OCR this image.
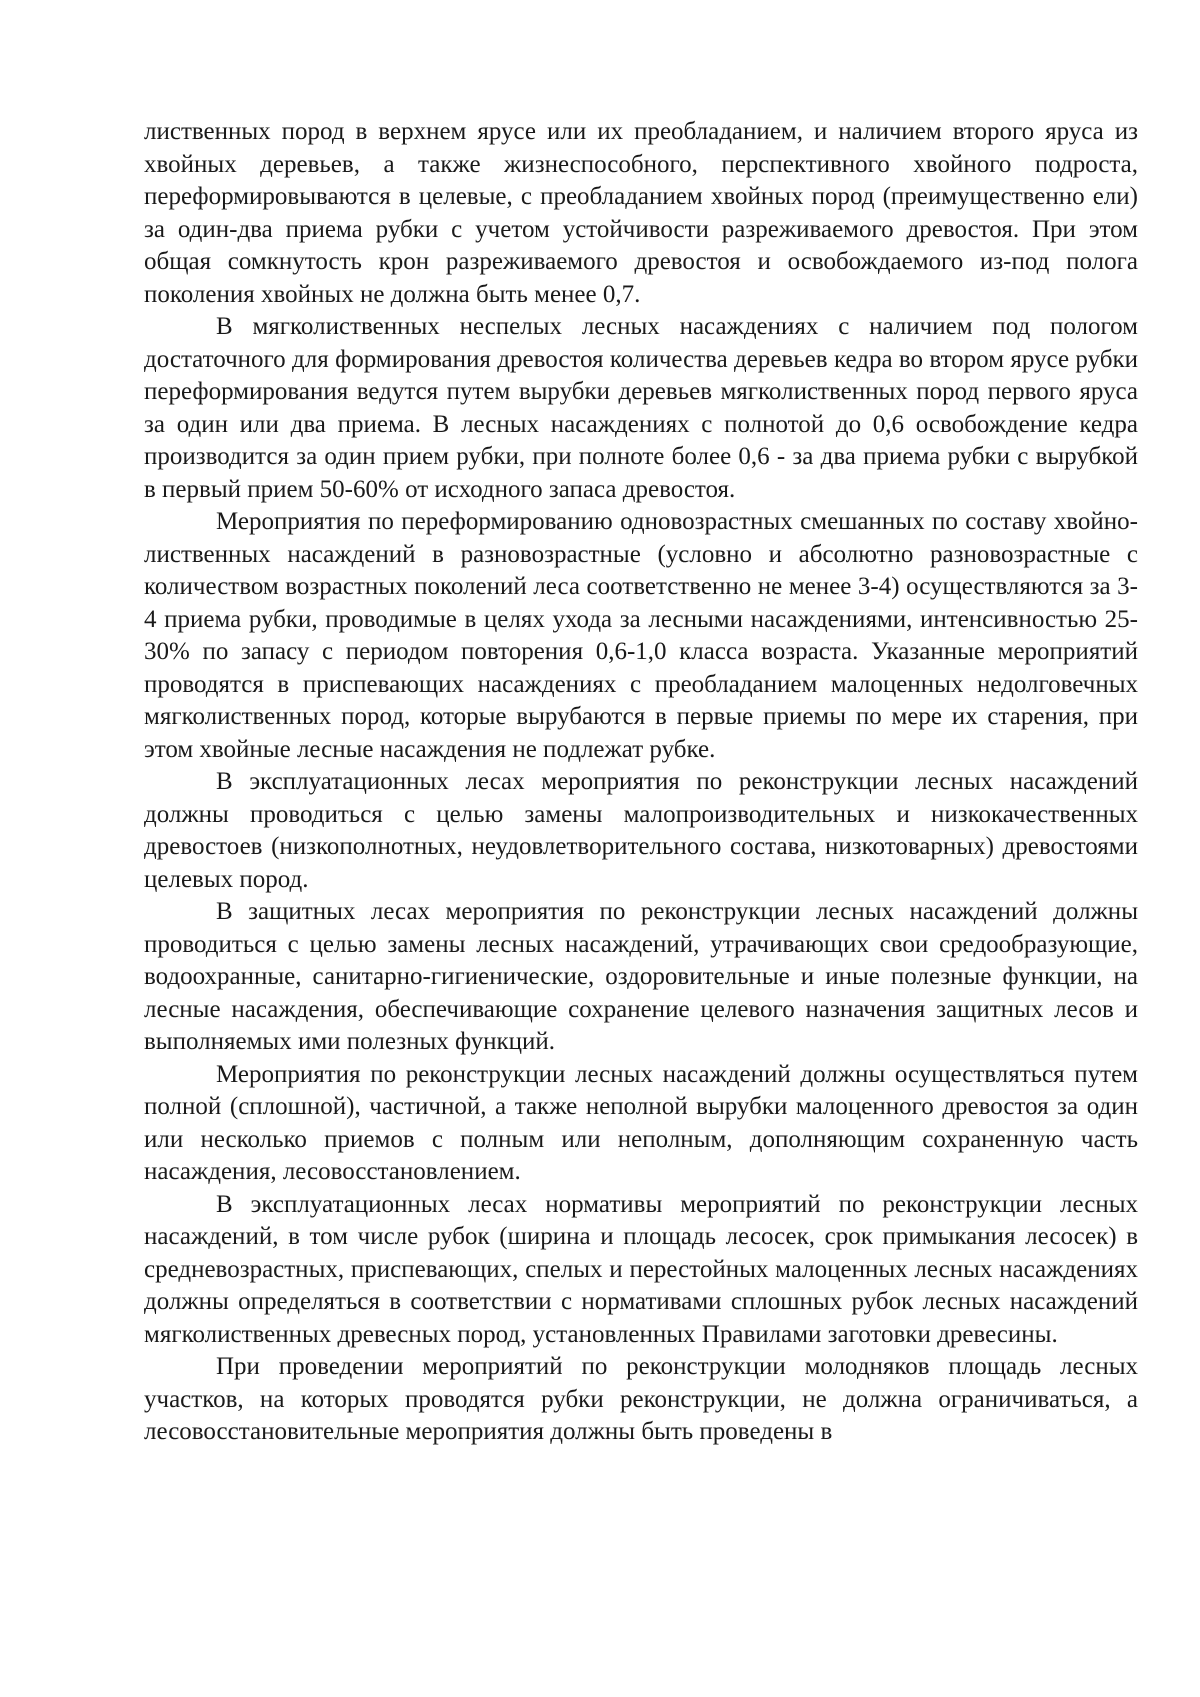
лиственных пород в верхнем ярусе или их преобладанием, и наличием второго яруса из хвойных деревьев, а также жизнеспособного, перспективного хвойного подроста, переформировываются в целевые, с преобладанием хвойных пород (преимущественно ели) за один-два приема рубки с учетом устойчивости разреживаемого древостоя. При этом общая сомкнутость крон разреживаемого древостоя и освобождаемого из-под полога поколения хвойных не должна быть менее 0,7.

В мягколиственных неспелых лесных насаждениях с наличием под пологом достаточного для формирования древостоя количества деревьев кедра во втором ярусе рубки переформирования ведутся путем вырубки деревьев мягколиственных пород первого яруса за один или два приема. В лесных насаждениях с полнотой до 0,6 освобождение кедра производится за один прием рубки, при полноте более 0,6 - за два приема рубки с вырубкой в первый прием 50-60% от исходного запаса древостоя.

Мероприятия по переформированию одновозрастных смешанных по составу хвойно-лиственных насаждений в разновозрастные (условно и абсолютно разновозрастные с количеством возрастных поколений леса соответственно не менее 3-4) осуществляются за 3-4 приема рубки, проводимые в целях ухода за лесными насаждениями, интенсивностью 25-30% по запасу с периодом повторения 0,6-1,0 класса возраста. Указанные мероприятий проводятся в приспевающих насаждениях с преобладанием малоценных недолговечных мягколиственных пород, которые вырубаются в первые приемы по мере их старения, при этом хвойные лесные насаждения не подлежат рубке.

В эксплуатационных лесах мероприятия по реконструкции лесных насаждений должны проводиться с целью замены малопроизводительных и низкокачественных древостоев (низкополнотных, неудовлетворительного состава, низкотоварных) древостоями целевых пород.

В защитных лесах мероприятия по реконструкции лесных насаждений должны проводиться с целью замены лесных насаждений, утрачивающих свои средообразующие, водоохранные, санитарно-гигиенические, оздоровительные и иные полезные функции, на лесные насаждения, обеспечивающие сохранение целевого назначения защитных лесов и выполняемых ими полезных функций.

Мероприятия по реконструкции лесных насаждений должны осуществляться путем полной (сплошной), частичной, а также неполной вырубки малоценного древостоя за один или несколько приемов с полным или неполным, дополняющим сохраненную часть насаждения, лесовосстановлением.

В эксплуатационных лесах нормативы мероприятий по реконструкции лесных насаждений, в том числе рубок (ширина и площадь лесосек, срок примыкания лесосек) в средневозрастных, приспевающих, спелых и перестойных малоценных лесных насаждениях должны определяться в соответствии с нормативами сплошных рубок лесных насаждений мягколиственных древесных пород, установленных Правилами заготовки древесины.

При проведении мероприятий по реконструкции молодняков площадь лесных участков, на которых проводятся рубки реконструкции, не должна ограничиваться, а лесовосстановительные мероприятия должны быть проведены в
